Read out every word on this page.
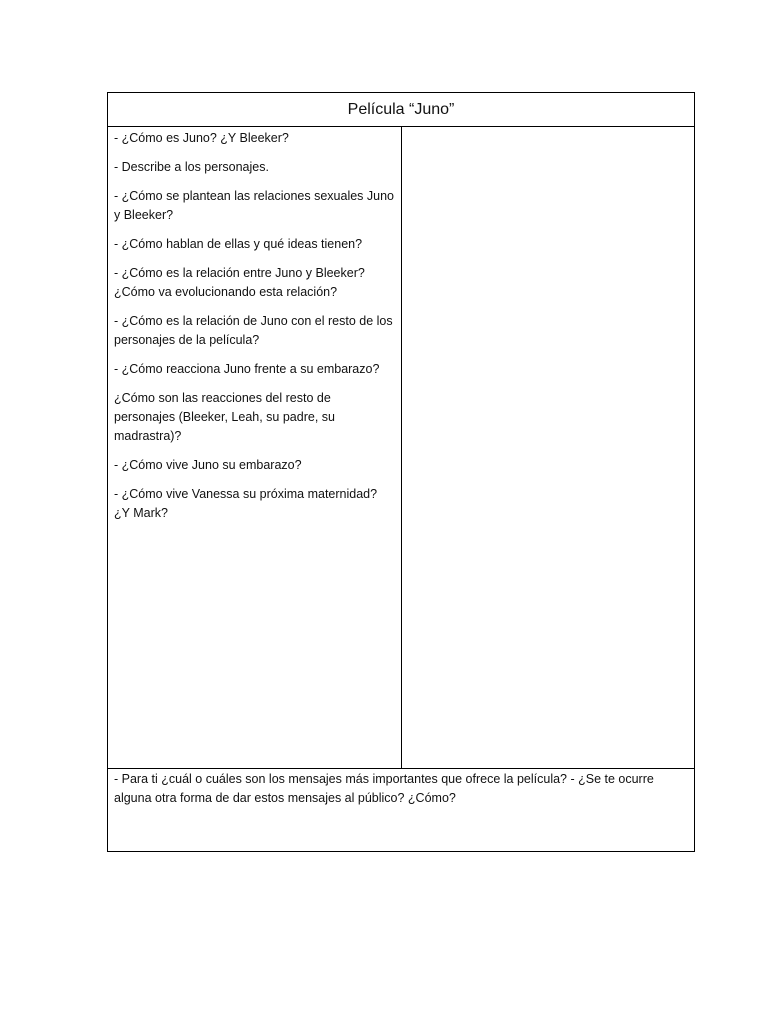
Película “Juno”

- ¿Cómo es Juno? ¿Y Bleeker?

- Describe a los personajes.

- ¿Cómo se plantean las relaciones sexuales Juno y Bleeker?

- ¿Cómo hablan de ellas y qué ideas tienen?

- ¿Cómo es la relación entre Juno y Bleeker? ¿Cómo va evolucionando esta relación?

- ¿Cómo es la relación de Juno con el resto de los personajes de la película?

- ¿Cómo reacciona Juno frente a su embarazo?

¿Cómo son las reacciones del resto de personajes (Bleeker, Leah, su padre, su madrastra)?

- ¿Cómo vive Juno su embarazo?

- ¿Cómo vive Vanessa su próxima maternidad? ¿Y Mark?

- Para ti ¿cuál o cuáles son los mensajes más importantes que ofrece la película? - ¿Se te ocurre alguna otra forma de dar estos mensajes al público? ¿Cómo?
